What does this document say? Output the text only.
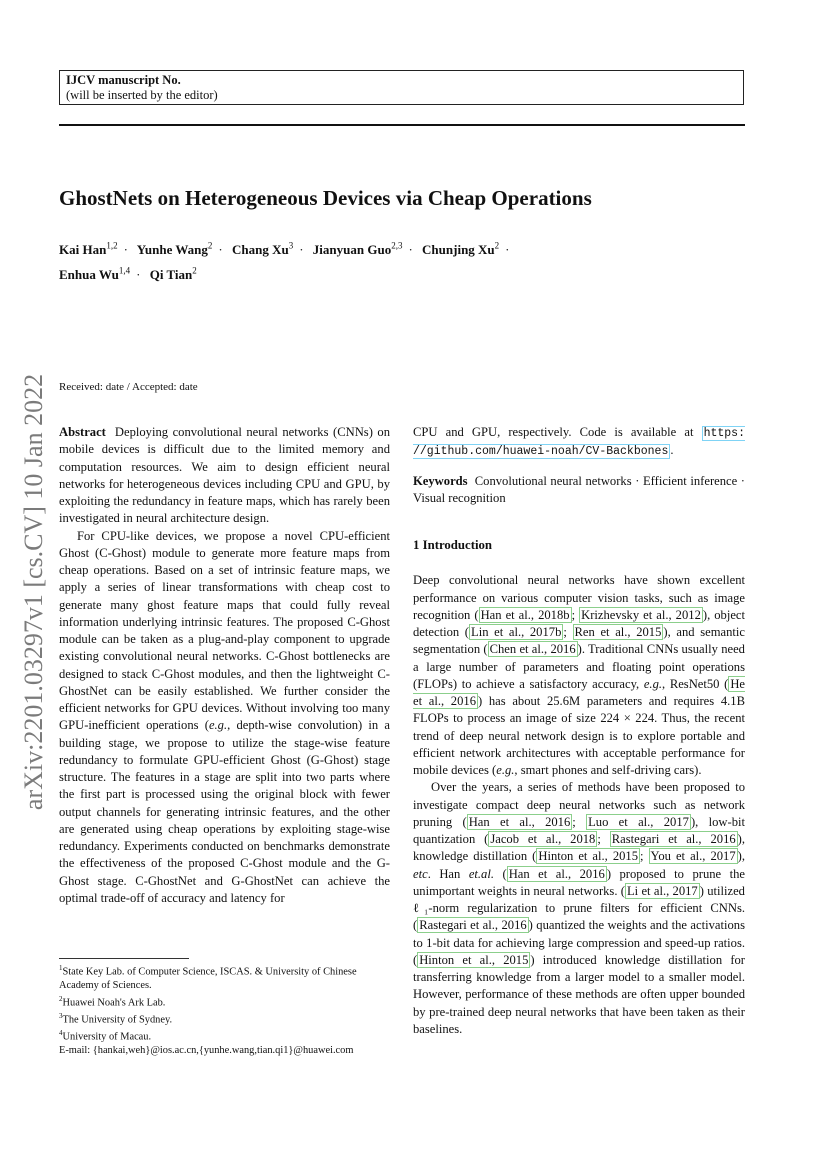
IJCV manuscript No.
(will be inserted by the editor)
GhostNets on Heterogeneous Devices via Cheap Operations
Kai Han$^{1,2}$ · Yunhe Wang$^2$ · Chang $Xu^3$ · Jianyuan Guo$^{2,3}$ · Chunjing $Xu^2$ ·
Enhua Wu$^{1,4}$ · Qi Tian$^2$
arXiv:2201.03297v1 [cs.CV] 10 Jan 2022 Received: date / Accepted: date

Abstract Deploying convolutional neural networks (CNNs) on mobile devices is difficult due to the limited memory and computation resources. We aim to design efficient neural networks for heterogeneous devices including CPU and GPU, by exploiting the redundancy in feature maps, which has rarely been investigated in neural architecture design.

For CPU-like devices, we propose a novel CPU-efficient Ghost (C-Ghost) module to generate more feature maps from cheap operations. Based on a set of intrinsic feature maps, we apply a series of linear transformations with cheap cost to generate many ghost feature maps that could fully reveal information underlying intrinsic features. The proposed C-Ghost module can be taken as a plug-and-play component to upgrade existing convolutional neural networks. C-Ghost bottlenecks are designed to stack C-Ghost modules, and then the lightweight C-GhostNet can be easily established. We further consider the efficient networks for GPU devices. Without involving too many GPU-inefficient operations (e.g., depth-wise convolution) in a building stage, we propose to utilize the stage-wise feature redundancy to formulate GPU-efficient Ghost (G-Ghost) stage structure. The features in a stage are split into two parts where the first part is processed using the original block with fewer output channels for generating intrinsic features, and the other are generated using cheap operations by exploiting stage-wise redundancy. Experiments conducted on benchmarks demonstrate the effectiveness of the proposed C-Ghost module and the G-Ghost stage. C-GhostNet and G-GhostNet can achieve the optimal trade-off of accuracy and latency for

CPU and GPU, respectively. Code is available at https: //github.com/huawei-noah/CV-Backbones .

Keywords Convolutional neural networks · Efficient inference · Visual recognition

1 Introduction

Deep convolutional neural networks have shown excellent performance on various computer vision tasks, such as image recognition ( Han et al., 2018b ; Krizhevsky et al., 2012 ), object detection ( Lin et al., 2017b ; Ren et al., 2015 ), and semantic segmentation ( Chen et al., 2016 ). Traditional CNNs usually need a large number of parameters and floating point operations (FLOPs) to achieve a satisfactory accuracy, e.g., ResNet50 ( He et al., 2016 ) has about 25.6M parameters and requires 4.1B FLOPs to process an image of size 224 × 224. Thus, the recent trend of deep neural network design is to explore portable and efficient network architectures with acceptable performance for mobile devices (e.g., smart phones and self-driving cars).

Over the years, a series of methods have been proposed to investigate compact deep neural networks such as network pruning ( Han et al., 2016 ; Luo et al., 2017 ), low-bit quantization ( Jacob et al., 2018 ; Rastegari et al., 2016 ), knowledge distillation ( Hinton et al., 2015 ; You et al., 2017 ), etc. Han et.al. ( Han et al., 2016 ) proposed to prune the unimportant weights in neural networks. ( Li et al., 2017 ) utilized ℓ₁-norm regularization to prune filters for efficient CNNs. ( Rastegari et al., 2016 ) quantized the weights and the activations to 1-bit data for achieving large compression and speed-up ratios. ( Hinton et al., 2015 ) introduced knowledge distillation for transferring knowledge from a larger model to a smaller model. However, performance of these methods are often upper bounded by pre-trained deep neural networks that have been taken as their baselines.

$^1$State Key Lab. of Computer Science, ISCAS. & University of Chinese Academy of Sciences.
$^2$Huawei Noah's Ark Lab.
$^3$The University of Sydney.
$^4$University of Macau.
E-mail: {hankai,weh}@ios.ac.cn,{yunhe.wang,tian.qi1}@huawei.com
